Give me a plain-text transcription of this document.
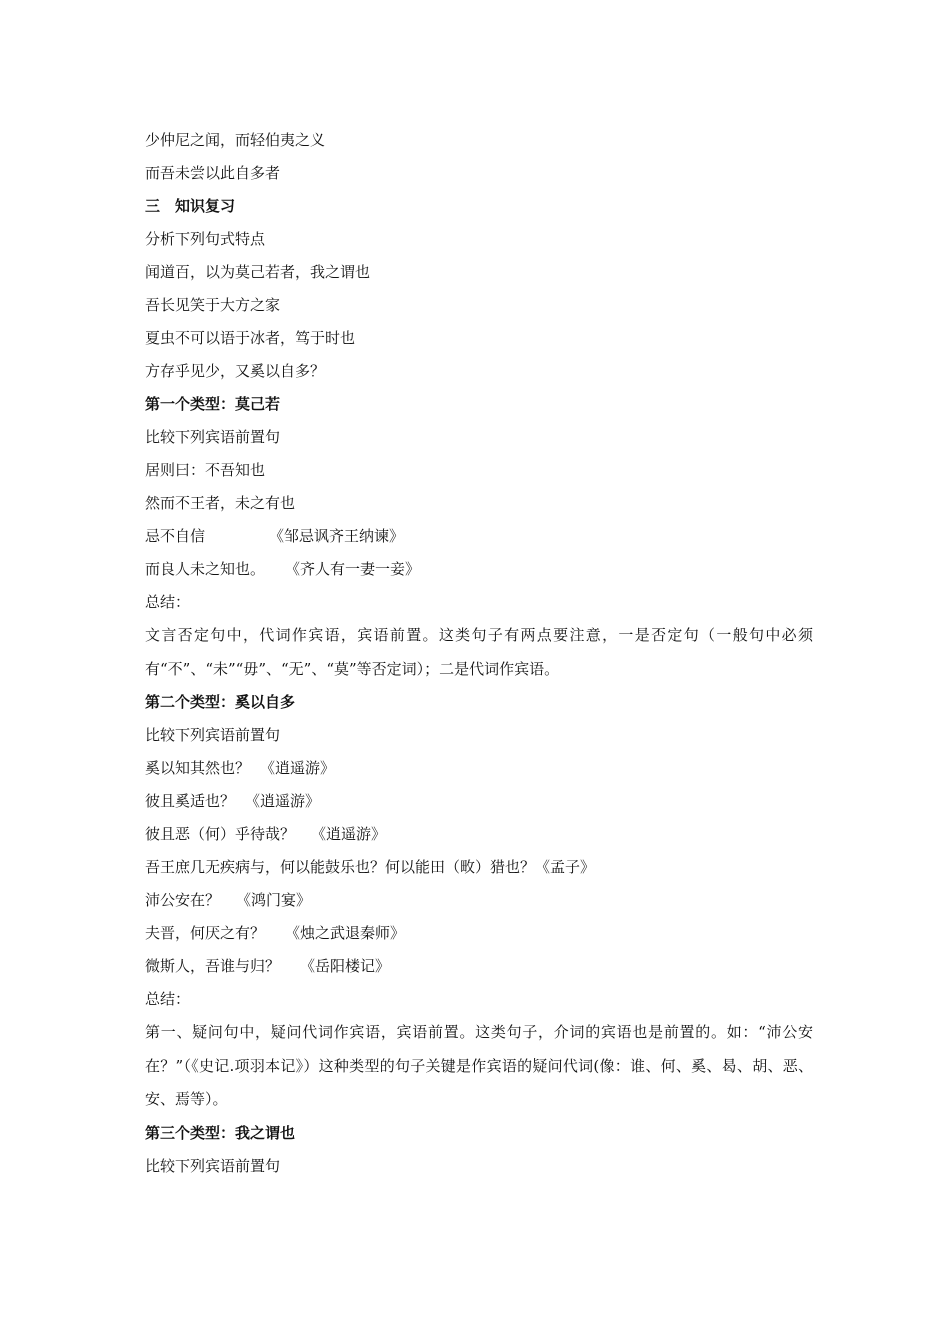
少仲尼之闻，而轻伯夷之义
而吾未尝以此自多者
三　知识复习
分析下列句式特点
闻道百，以为莫己若者，我之谓也
吾长见笑于大方之家
夏虫不可以语于冰者，笃于时也
方存乎见少，又奚以自多？
第一个类型：莫己若
比较下列宾语前置句
居则曰：不吾知也
然而不王者，未之有也
忌不自信	《邹忌讽齐王纳谏》
而良人未之知也。 《齐人有一妻一妾》
总结：
文言否定句中，代词作宾语，宾语前置。这类句子有两点要注意，一是否定句（一般句中必须有“不”、“未”“毋”、“无”、“莫”等否定词）；二是代词作宾语。
第二个类型：奚以自多
比较下列宾语前置句
奚以知其然也？ 《逍遥游》
彼且奚适也？ 《逍遥游》
彼且恶（何）乎待哉？ 《逍遥游》
吾王庶几无疾病与，何以能鼓乐也？何以能田（畋）猎也？《孟子》
沛公安在？ 《鸿门宴》
夫晋，何厌之有？ 《烛之武退秦师》
微斯人，吾谁与归？ 《岳阳楼记》
总结：
第一、疑问句中，疑问代词作宾语，宾语前置。这类句子，介词的宾语也是前置的。如：“沛公安在？”（《史记.项羽本记》）这种类型的句子关键是作宾语的疑问代词(像：谁、何、奚、曷、胡、恶、安、焉等）。
第三个类型：我之谓也
比较下列宾语前置句
